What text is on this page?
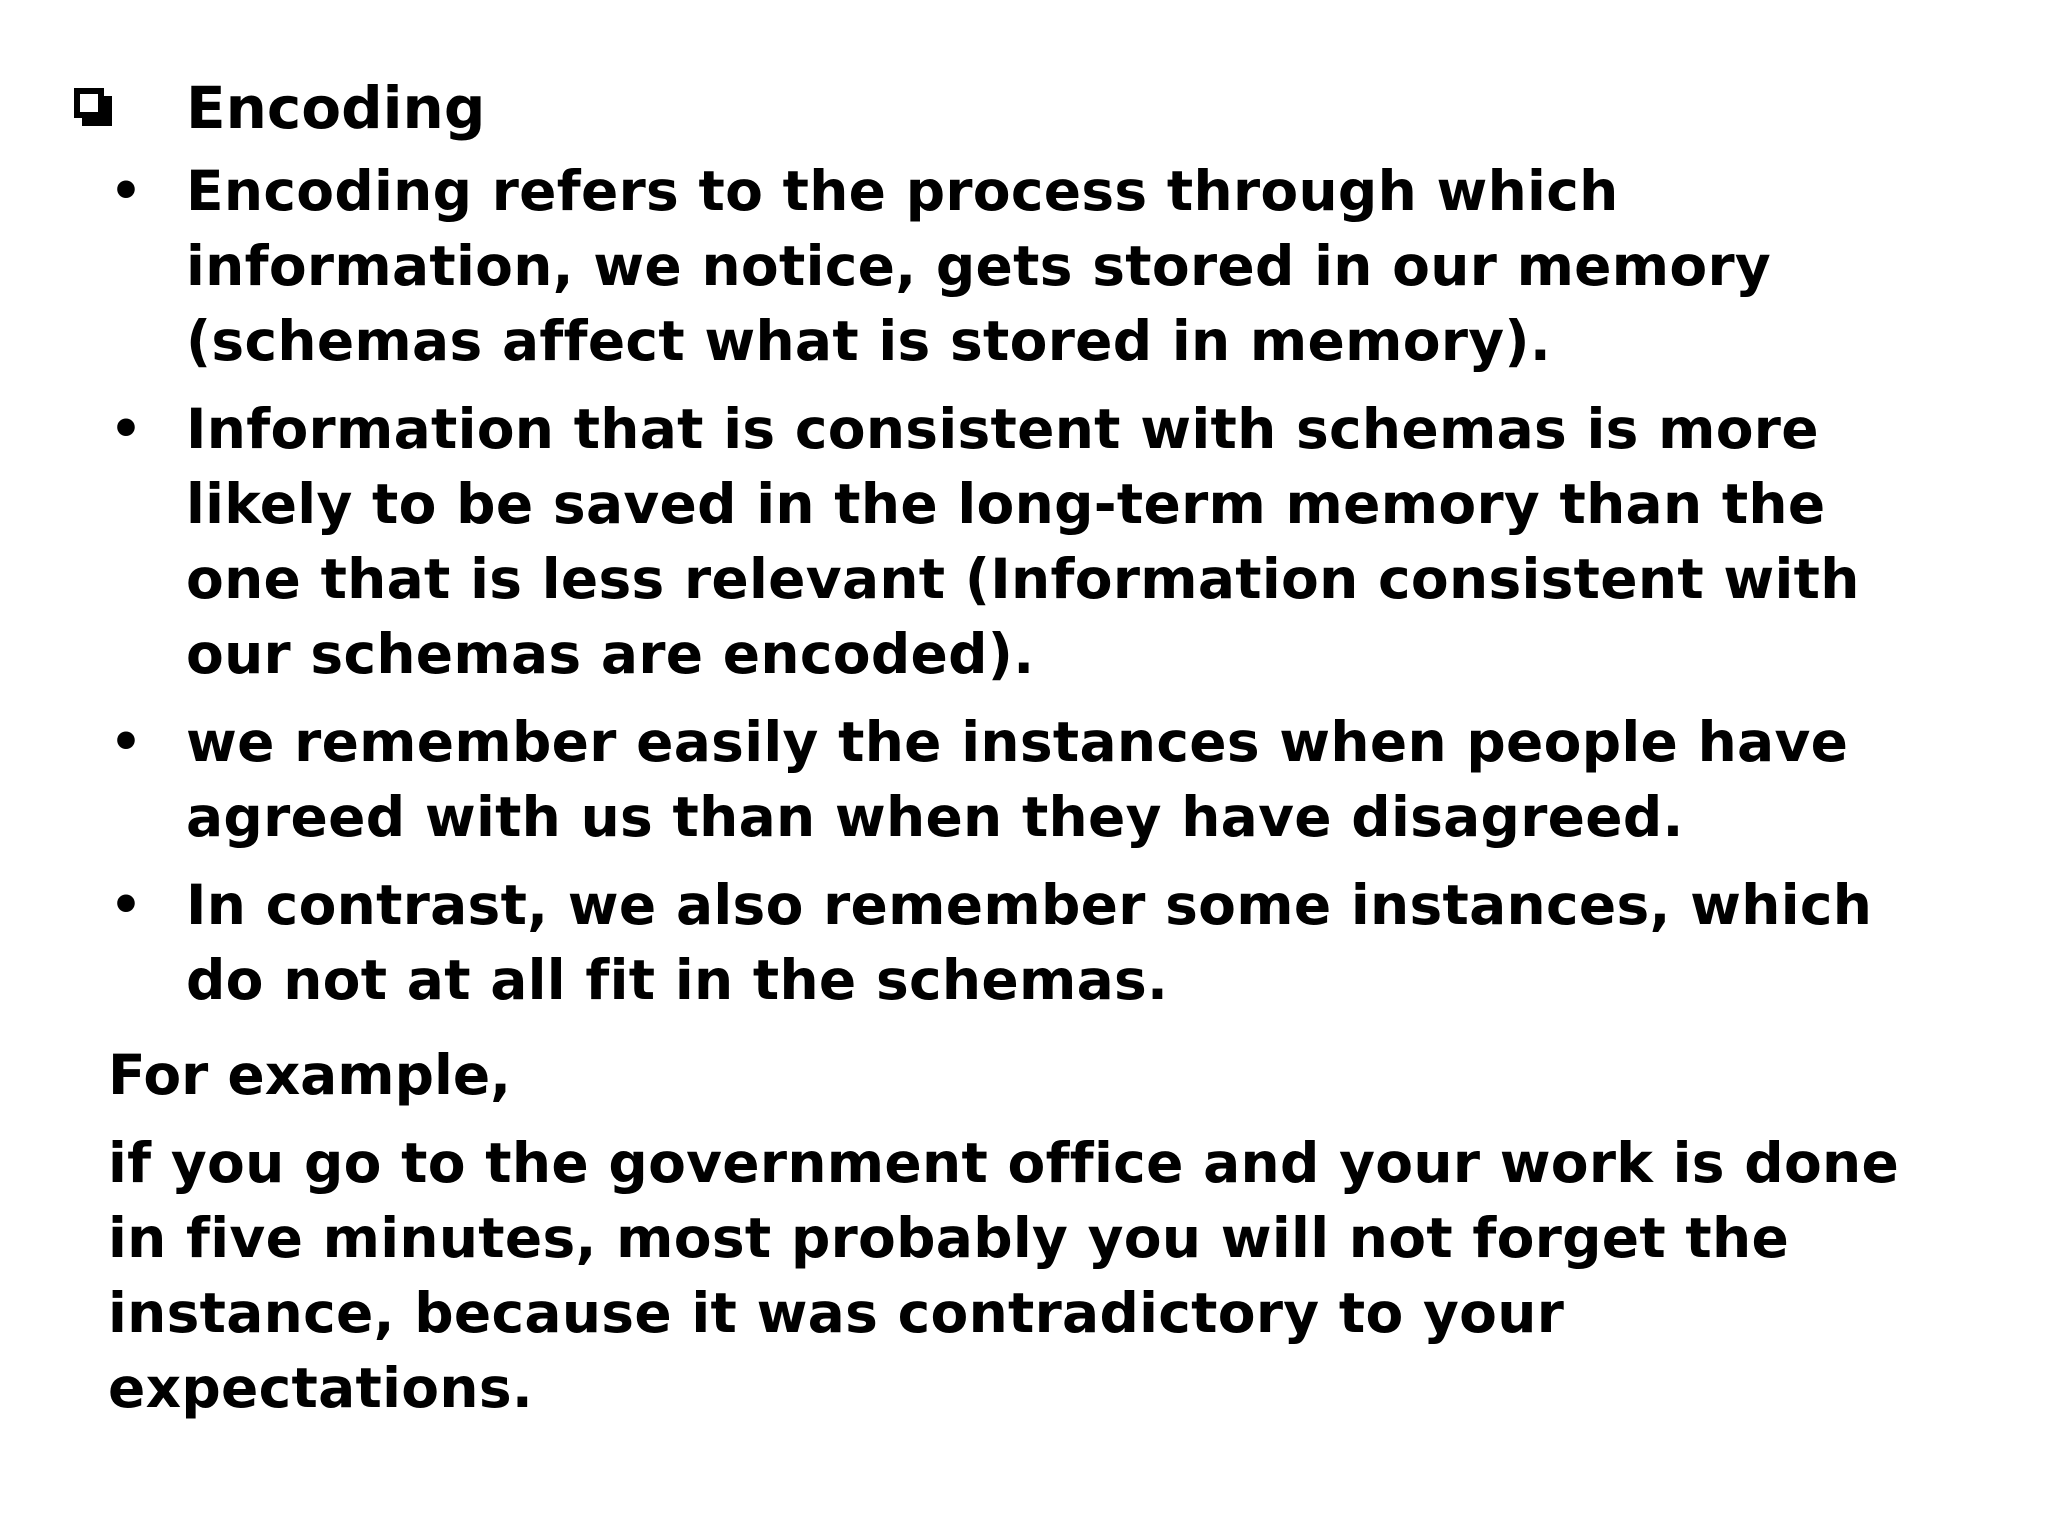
Encoding
• Encoding refers to the process through which information, we notice, gets stored in our memory (schemas affect what is stored in memory).
• Information that is consistent with schemas is more likely to be saved in the long-term memory than the one that is less relevant (Information consistent with our schemas are encoded).
• we remember easily the instances when people have agreed with us than when they have disagreed.
• In contrast, we also remember some instances, which do not at all fit in the schemas.
For example,
if you go to the government office and your work is done in five minutes, most probably you will not forget the instance, because it was contradictory to your expectations.
